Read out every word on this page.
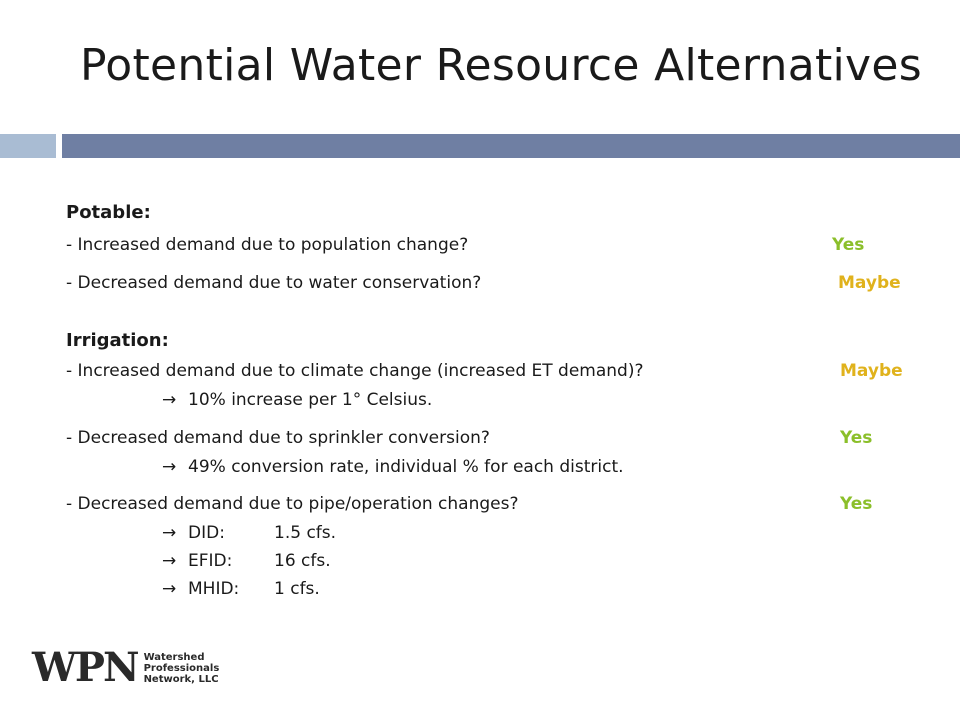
Potential Water Resource Alternatives
Potable:
- Increased demand due to population change?	Yes
- Decreased demand due to water conservation?	Maybe
Irrigation:
- Increased demand due to climate change (increased ET demand)?	Maybe
→ 10% increase per 1° Celsius.
- Decreased demand due to sprinkler conversion?	Yes
→ 49% conversion rate, individual % for each district.
- Decreased demand due to pipe/operation changes?	Yes
→ DID:	1.5 cfs.
→ EFID: 16 cfs.
→ MHID: 1 cfs.
WPN Watershed
Professionals
Network, LLC
